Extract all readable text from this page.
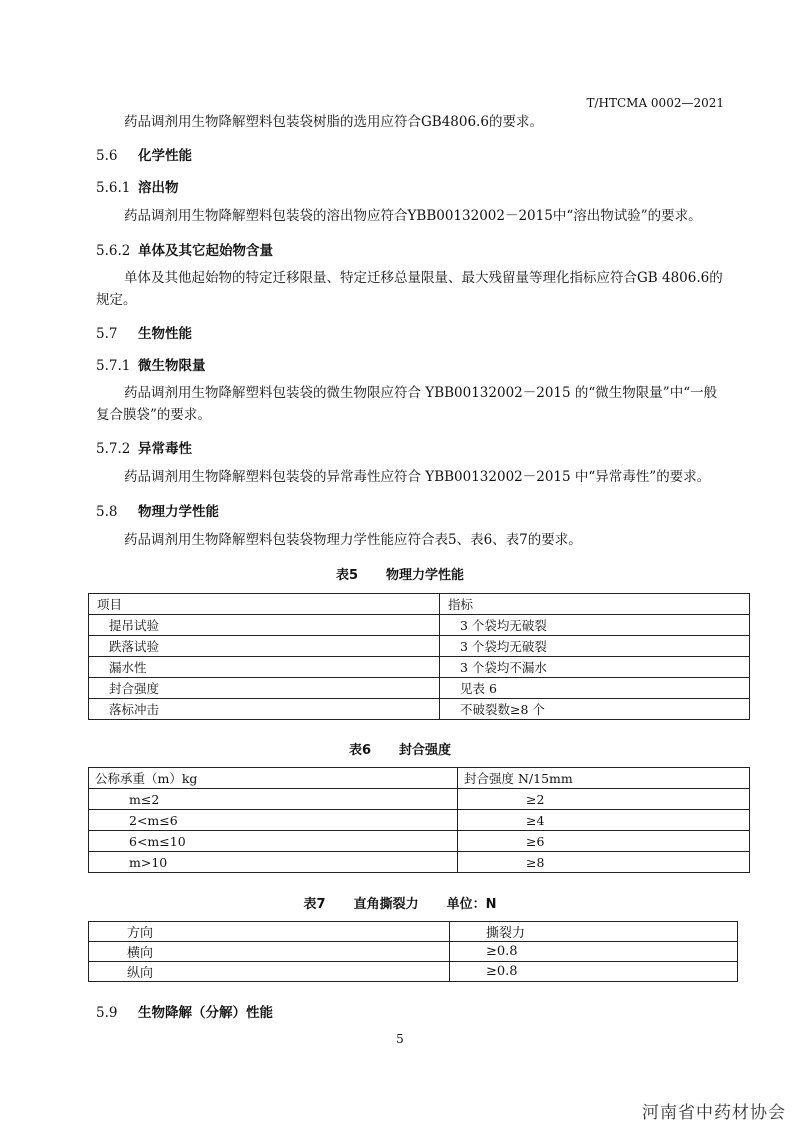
T/HTCMA 0002—2021
药品调剂用生物降解塑料包装袋树脂的选用应符合GB4806.6的要求。
5.6 化学性能
5.6.1 溶出物
药品调剂用生物降解塑料包装袋的溶出物应符合YBB00132002－2015中“溶出物试验”的要求。
5.6.2 单体及其它起始物含量
单体及其他起始物的特定迁移限量、特定迁移总量限量、最大残留量等理化指标应符合GB 4806.6的规定。
5.7 生物性能
5.7.1 微生物限量
药品调剂用生物降解塑料包装袋的微生物限应符合 YBB00132002－2015 的“微生物限量”中“一般复合膜袋”的要求。
5.7.2 异常毒性
药品调剂用生物降解塑料包装袋的异常毒性应符合 YBB00132002－2015 中“异常毒性”的要求。
5.8 物理力学性能
药品调剂用生物降解塑料包装袋物理力学性能应符合表5、表6、表7的要求。
表5 物理力学性能
项目	指标
提吊试验	3 个袋均无破裂
跌落试验	3 个袋均无破裂
漏水性	3 个袋均不漏水
封合强度	见表 6
落标冲击	不破裂数≥8 个
表6 封合强度
公称承重（m）kg	封合强度 N/15mm
m≤2	≥2
2<m≤6	≥4
6<m≤10	≥6
m>10	≥8
表7 直角撕裂力 单位：N
方向	撕裂力
横向	≥0.8
纵向	≥0.8
5.9 生物降解（分解）性能
5
河南省中药材协会
